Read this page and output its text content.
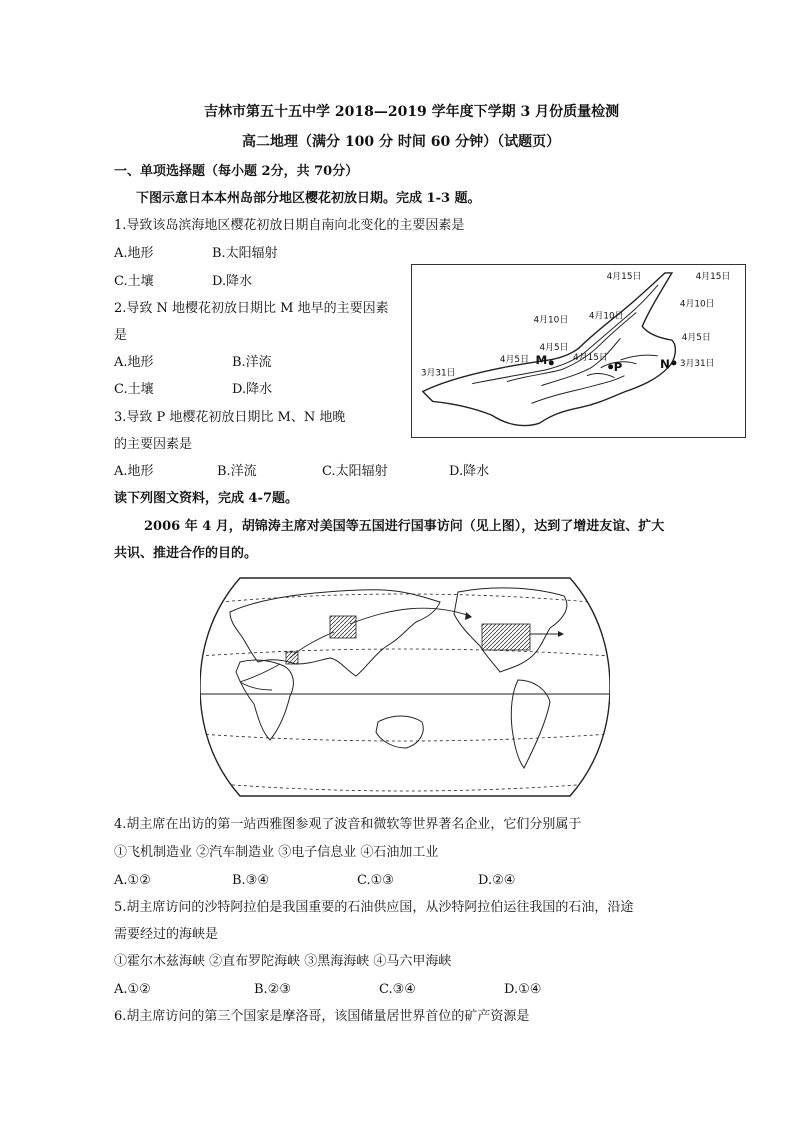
吉林市第五十五中学 2018—2019 学年度下学期 3 月份质量检测
高二地理（满分 100 分 时间 60 分钟）（试题页）
一、单项选择题（每小题 2分，共 70分）
下图示意日本本州岛部分地区樱花初放日期。完成 1-3 题。
1.导致该岛滨海地区樱花初放日期自南向北变化的主要因素是
A.地形	B.太阳辐射
C.土壤	D.降水
2.导致 N 地樱花初放日期比 M 地早的主要因素
是
A.地形	B.洋流
C.土壤	D.降水
3.导致 P 地樱花初放日期比 M、N 地晚
的主要因素是
A.地形	B.洋流	C.太阳辐射	D.降水
4月15日	4月15日
4月10日
4月10日 4月10日
4月5日
4月5日
4月5日
4月15日
3月31日
3月31日
M	P	N
读下列图文资料，完成 4-7题。
2006 年 4 月，胡锦涛主席对美国等五国进行国事访问（见上图），达到了增进友谊、扩大
共识、推进合作的目的。
4.胡主席在出访的第一站西雅图参观了波音和微软等世界著名企业，它们分别属于
①飞机制造业 ②汽车制造业 ③电子信息业 ④石油加工业
A.①②	B.③④	C.①③	D.②④
5.胡主席访问的沙特阿拉伯是我国重要的石油供应国，从沙特阿拉伯运往我国的石油，沿途
需要经过的海峡是
①霍尔木兹海峡 ②直布罗陀海峡 ③黑海海峡 ④马六甲海峡
A.①②	B.②③	C.③④	D.①④
6.胡主席访问的第三个国家是摩洛哥，该国储量居世界首位的矿产资源是
